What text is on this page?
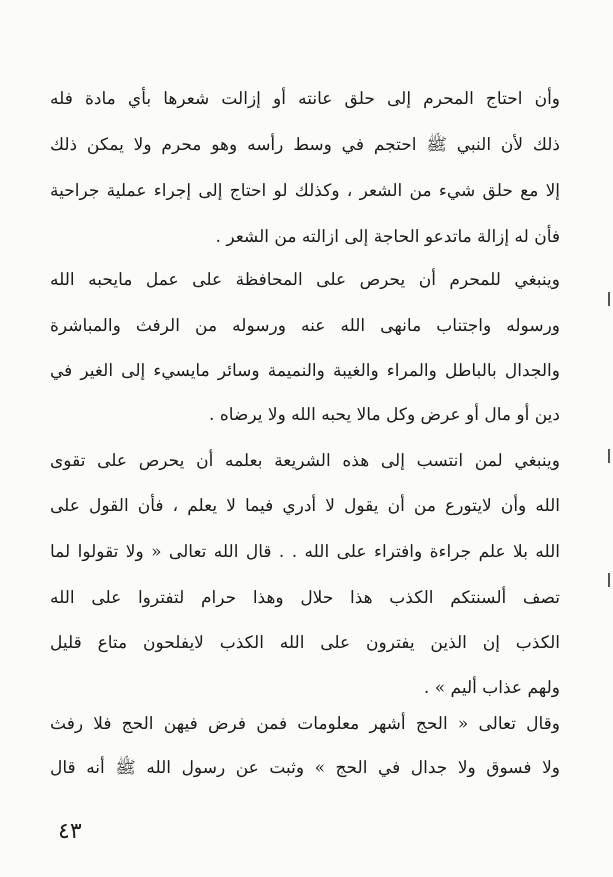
وأن احتاج المحرم إلى حلق عانته أو إزالت شعرها بأي مادة فله
ذلك لأن النبي ﷺ احتجم في وسط رأسه وهو محرم ولا يمكن ذلك
إلا مع حلق شيء من الشعر ، وكذلك لو احتاج إلى إجراء عملية جراحية
فأن له إزالة ماتدعو الحاجة إلى ازالته من الشعر .
وينبغي للمحرم أن يحرص على المحافظة على عمل مايحبه الله
ورسوله واجتناب مانهى الله عنه ورسوله من الرفث والمباشرة
والجدال بالباطل والمراء والغيبة والنميمة وسائر مايسيء إلى الغير في
دين أو مال أو عرض وكل مالا يحبه الله ولا يرضاه .
وينبغي لمن انتسب إلى هذه الشريعة بعلمه أن يحرص على تقوى
الله وأن لايتورع من أن يقول لا أدري فيما لا يعلم ، فأن القول على
الله بلا علم جراءة وافتراء على الله . . قال الله تعالى « ولا تقولوا لما
تصف ألسنتكم الكذب هذا حلال وهذا حرام لتفتروا على الله
الكذب إن الذين يفترون على الله الكذب لايفلحون متاع قليل
ولهم عذاب أليم » .
وقال تعالى « الحج أشهر معلومات فمن فرض فيهن الحج فلا رفث
ولا فسوق ولا جدال في الحج » وثبت عن رسول الله ﷺ أنه قال
٤٣
